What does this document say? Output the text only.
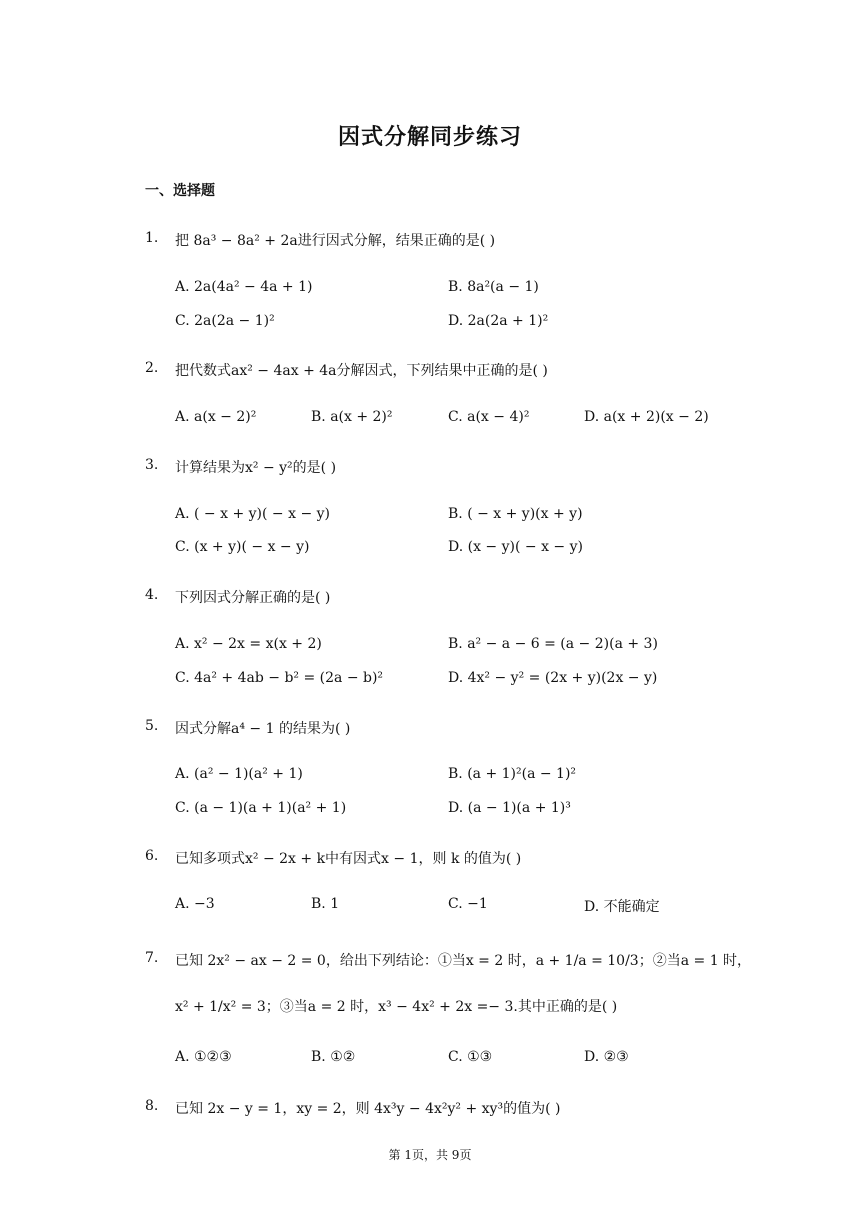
因式分解同步练习
一、选择题
1. 把 8a³ − 8a² + 2a进行因式分解，结果正确的是( )
A. 2a(4a² − 4a + 1)	B. 8a²(a − 1)
C. 2a(2a − 1)²	D. 2a(2a + 1)²
2. 把代数式ax² − 4ax + 4a分解因式，下列结果中正确的是( )
A. a(x − 2)²	B. a(x + 2)²	C. a(x − 4)²	D. a(x + 2)(x − 2)
3. 计算结果为x² − y²的是( )
A. ( − x + y)( − x − y)	B. ( − x + y)(x + y)
C. (x + y)( − x − y)	D. (x − y)( − x − y)
4. 下列因式分解正确的是( )
A. x² − 2x = x(x + 2)	B. a² − a − 6 = (a − 2)(a + 3)
C. 4a² + 4ab − b² = (2a − b)²	D. 4x² − y² = (2x + y)(2x − y)
5. 因式分解a⁴ − 1 的结果为( )
A. (a² − 1)(a² + 1)	B. (a + 1)²(a − 1)²
C. (a − 1)(a + 1)(a² + 1)	D. (a − 1)(a + 1)³
6. 已知多项式x² − 2x + k中有因式x − 1，则 k 的值为( )
A. −3	B. 1	C. −1	D. 不能确定
7. 已知 2x² − ax − 2 = 0，给出下列结论：①当x = 2 时，a + 1/a = 10/3；②当a = 1 时，
x² + 1/x² = 3；③当a = 2 时，x³ − 4x² + 2x =− 3.其中正确的是( )
A. ①②③	B. ①②	C. ①③	D. ②③
8. 已知 2x − y = 1，xy = 2，则 4x³y − 4x²y² + xy³的值为( )
第 1页，共 9页
